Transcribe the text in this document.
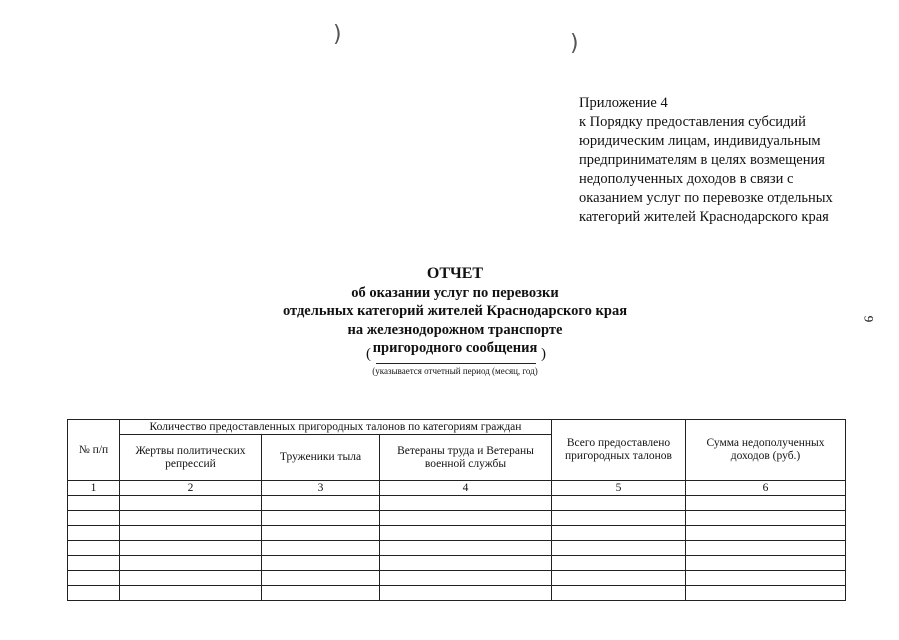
)	)
Приложение 4
к Порядку предоставления субсидий
юридическим лицам, индивидуальным
предпринимателям в целях возмещения
недополученных доходов в связи с
оказанием услуг по перевозке отдельных
категорий жителей Краснодарского края
ОТЧЕТ
об оказании услуг по перевозки
отдельных категорий жителей Краснодарского края
на железнодорожном транспорте
пригородного сообщения
(	)
(указывается отчетный период (месяц, год)
9
№ п/п	Количество предоставленных пригородных талонов по категориям граждан			Всего предоставлено пригородных талонов	Сумма недополученных доходов (руб.)
	Жертвы политических репрессий	Труженики тыла	Ветераны труда и Ветераны военной службы		
1	2	3	4	5	6
